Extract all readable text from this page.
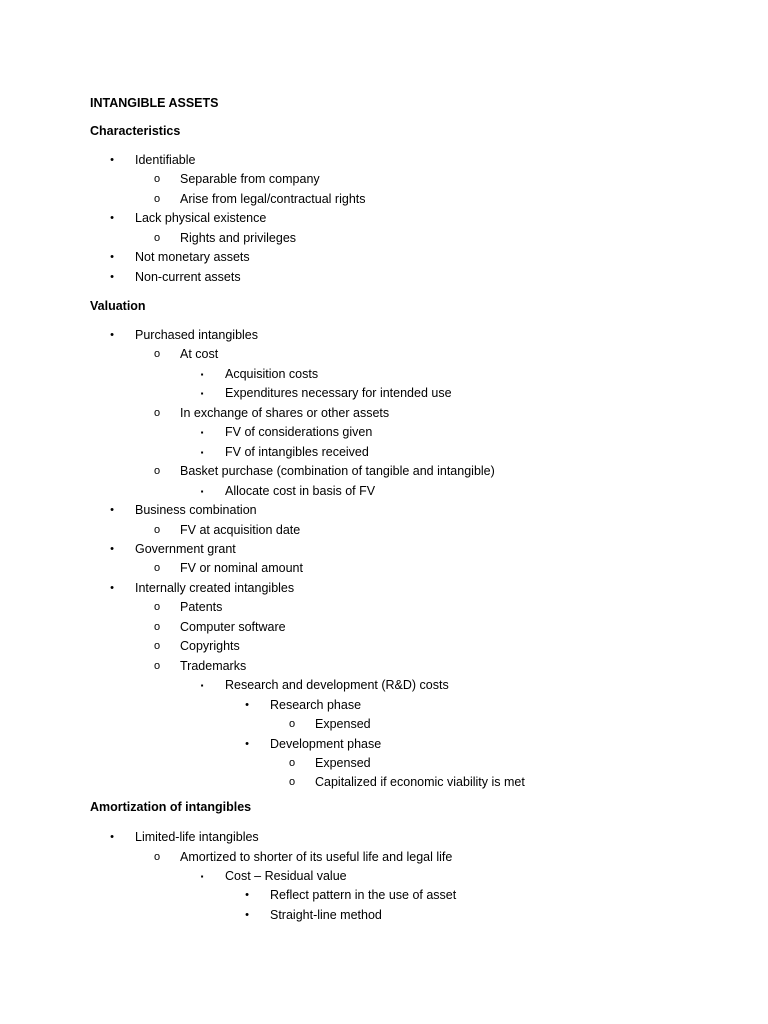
INTANGIBLE ASSETS
Characteristics
•	Identifiable
o Separable from company
o Arise from legal/contractual rights
•	Lack physical existence
o Rights and privileges
•	Not monetary assets
•	Non-current assets
Valuation
•	Purchased intangibles
o At cost
▪	Acquisition costs
▪	Expenditures necessary for intended use
o In exchange of shares or other assets
▪	FV of considerations given
▪	FV of intangibles received
o Basket purchase (combination of tangible and intangible)
▪	Allocate cost in basis of FV
•	Business combination
o FV at acquisition date
•	Government grant
o FV or nominal amount
•	Internally created intangibles
o Patents
o Computer software
o Copyrights
o Trademarks
▪	Research and development (R&D) costs
•	Research phase
o Expensed
•	Development phase
o Expensed
o Capitalized if economic viability is met
Amortization of intangibles
•	Limited-life intangibles
o Amortized to shorter of its useful life and legal life
▪	Cost – Residual value
•	Reflect pattern in the use of asset
•	Straight-line method
